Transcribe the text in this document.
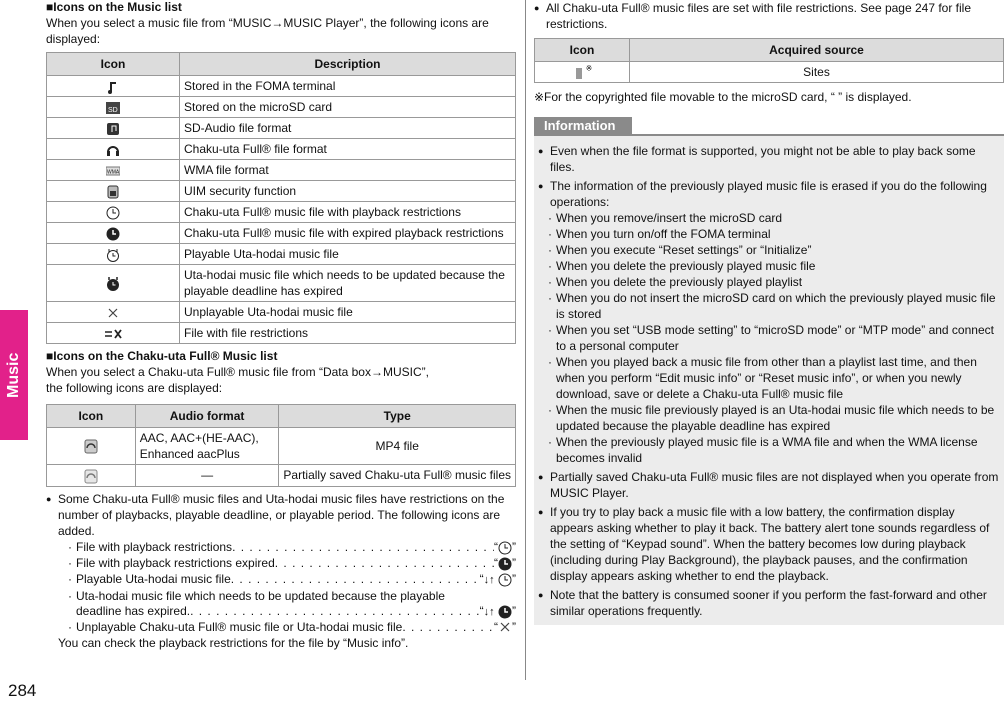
Music
284
■Icons on the Music list
When you select a music file from “MUSIC→MUSIC Player”, the following icons are displayed:
Icon	Description
	Stored in the FOMA terminal

SD	Stored on the microSD card
	SD-Audio file format
	Chaku-uta Full® file format

WMA	WMA file format
	UIM security function
	Chaku-uta Full® music file with playback restrictions
	Chaku-uta Full® music file with expired playback restrictions
	Playable Uta-hodai music file
	Uta-hodai music file which needs to be updated because the playable deadline has expired
	Unplayable Uta-hodai music file
	File with file restrictions
■Icons on the Chaku-uta Full® Music list
When you select a Chaku-uta Full® music file from “Data box→MUSIC”,
the following icons are displayed:
Icon	Audio format	Type
	AAC, AAC+(HE-AAC), Enhanced aacPlus	MP4 file
	—	Partially saved Chaku-uta Full® music files
● Some Chaku-uta Full® music files and Uta-hodai music files have restrictions on the number of playbacks, playable deadline, or playable period. The following icons are added.
· File with playback restrictions . . .	“ ”
· File with playback restrictions expired . . .	“ ”
· Playable Uta-hodai music file . . .	“↓↑ ”
· Uta-hodai music file which needs to be updated because the playable
deadline has expired. . . .	“↓↑ ”
· Unplayable Chaku-uta Full® music file or Uta-hodai music file . . .	“ ”
You can check the playback restrictions for the file by “Music info”.
● All Chaku-uta Full® music files are set with file restrictions. See page 247 for file restrictions.
Icon	Acquired source
※	Sites
※For the copyrighted file movable to the microSD card, “ ” is displayed.
Information
● Even when the file format is supported, you might not be able to play back some files.
● The information of the previously played music file is erased if you do the following operations:
· When you remove/insert the microSD card
· When you turn on/off the FOMA terminal
· When you execute “Reset settings” or “Initialize”
· When you delete the previously played music file
· When you delete the previously played playlist
· When you do not insert the microSD card on which the previously played music file is stored
· When you set “USB mode setting” to “microSD mode” or “MTP mode” and connect to a personal computer
· When you played back a music file from other than a playlist last time, and then when you perform “Edit music info” or “Reset music info”, or when you newly download, save or delete a Chaku-uta Full® music file
· When the music file previously played is an Uta-hodai music file which needs to be updated because the playable deadline has expired
· When the previously played music file is a WMA file and when the WMA license becomes invalid
● Partially saved Chaku-uta Full® music files are not displayed when you operate from MUSIC Player.
● If you try to play back a music file with a low battery, the confirmation display appears asking whether to play it back. The battery alert tone sounds regardless of the setting of “Keypad sound”. When the battery becomes low during playback (including during Play Background), the playback pauses, and the confirmation display appears asking whether to end the playback.
● Note that the battery is consumed sooner if you perform the fast-forward and other similar operations frequently.
